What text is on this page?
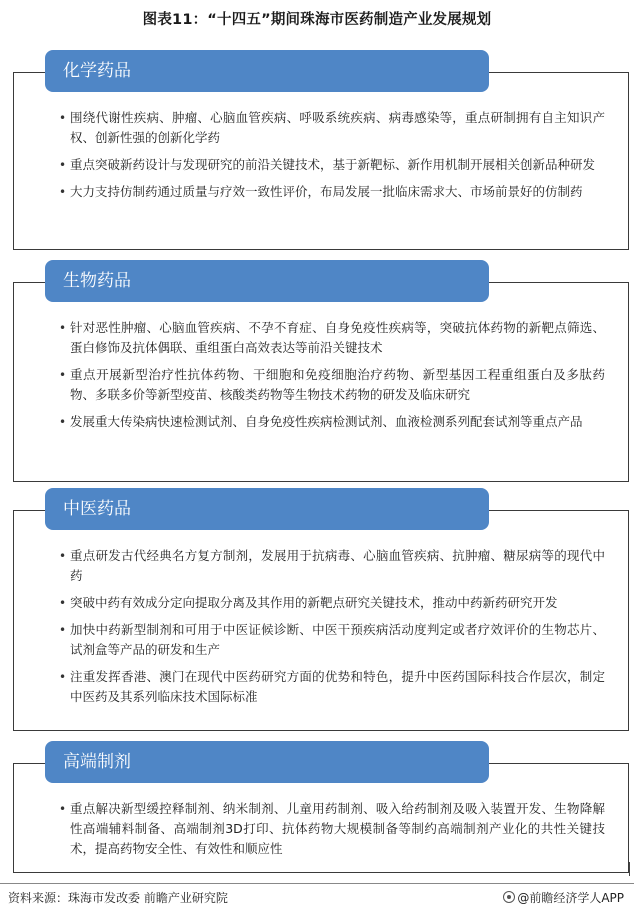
图表11：“十四五”期间珠海市医药制造产业发展规划
化学药品
• 围绕代谢性疾病、肿瘤、心脑血管疾病、呼吸系统疾病、病毒感染等，重点研制拥有自主知识产权、创新性强的创新化学药
• 重点突破新药设计与发现研究的前沿关键技术，基于新靶标、新作用机制开展相关创新品种研发
• 大力支持仿制药通过质量与疗效一致性评价，布局发展一批临床需求大、市场前景好的仿制药
生物药品
• 针对恶性肿瘤、心脑血管疾病、不孕不育症、自身免疫性疾病等，突破抗体药物的新靶点筛选、蛋白修饰及抗体偶联、重组蛋白高效表达等前沿关键技术
• 重点开展新型治疗性抗体药物、干细胞和免疫细胞治疗药物、新型基因工程重组蛋白及多肽药物、多联多价等新型疫苗、核酸类药物等生物技术药物的研发及临床研究
• 发展重大传染病快速检测试剂、自身免疫性疾病检测试剂、血液检测系列配套试剂等重点产品
中医药品
• 重点研发古代经典名方复方制剂，发展用于抗病毒、心脑血管疾病、抗肿瘤、糖尿病等的现代中药
• 突破中药有效成分定向提取分离及其作用的新靶点研究关键技术，推动中药新药研究开发
• 加快中药新型制剂和可用于中医证候诊断、中医干预疾病活动度判定或者疗效评价的生物芯片、试剂盒等产品的研发和生产
• 注重发挥香港、澳门在现代中医药研究方面的优势和特色，提升中医药国际科技合作层次，制定中医药及其系列临床技术国际标准
高端制剂
• 重点解决新型缓控释制剂、纳米制剂、儿童用药制剂、吸入给药制剂及吸入装置开发、生物降解性高端辅料制备、高端制剂3D打印、抗体药物大规模制备等制约高端制剂产业化的共性关键技术，提高药物安全性、有效性和顺应性
资料来源：珠海市发改委 前瞻产业研究院	@前瞻经济学人APP
